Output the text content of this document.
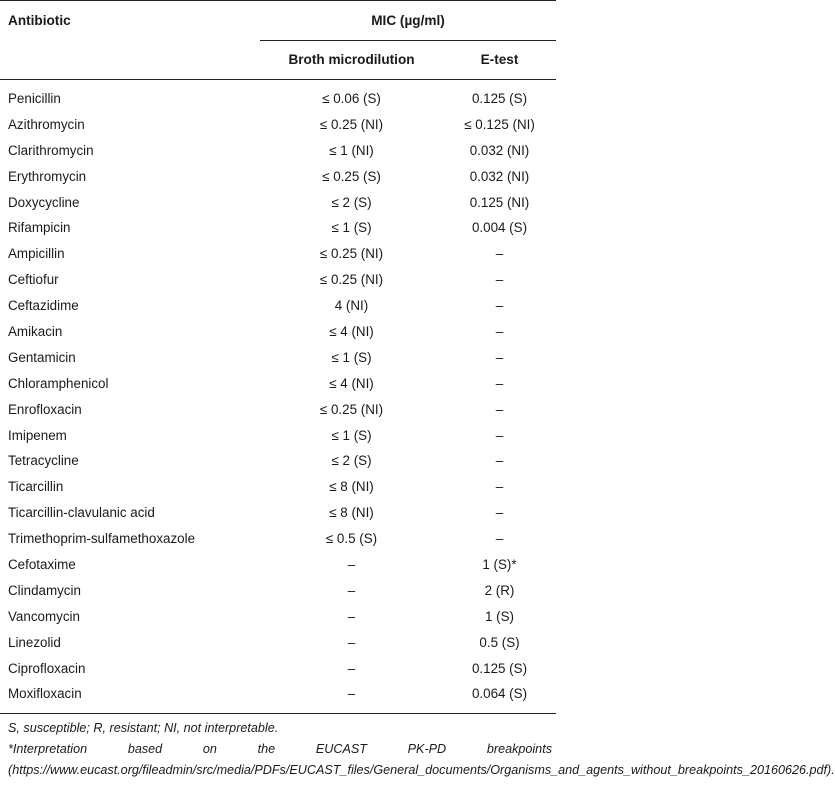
Antibiotic	MIC (µg/ml)		
	Broth microdilution	E-test	
Penicillin	≤ 0.06 (S)	0.125 (S)	
Azithromycin	≤ 0.25 (NI)	≤ 0.125 (NI)	
Clarithromycin	≤ 1 (NI)	0.032 (NI)	
Erythromycin	≤ 0.25 (S)	0.032 (NI)	
Doxycycline	≤ 2 (S)	0.125 (NI)	
Rifampicin	≤ 1 (S)	0.004 (S)	
Ampicillin	≤ 0.25 (NI)	–	
Ceftiofur	≤ 0.25 (NI)	–	
Ceftazidime	4 (NI)	–	
Amikacin	≤ 4 (NI)	–	
Gentamicin	≤ 1 (S)	–	
Chloramphenicol	≤ 4 (NI)	–	
Enrofloxacin	≤ 0.25 (NI)	–	
Imipenem	≤ 1 (S)	–	
Tetracycline	≤ 2 (S)	–	
Ticarcillin	≤ 8 (NI)	–	
Ticarcillin-clavulanic acid	≤ 8 (NI)	–	
Trimethoprim-sulfamethoxazole	≤ 0.5 (S)	–	
Cefotaxime	–	1 (S)*	
Clindamycin	–	2 (R)	
Vancomycin	–	1 (S)	
Linezolid	–	0.5 (S)	
Ciprofloxacin	–	0.125 (S)	
Moxifloxacin	–	0.064 (S)	

S, susceptible; R, resistant; NI, not interpretable.

*Interpretation based on the EUCAST PK-PD breakpoints (https://www.eucast.org/fileadmin/src/media/PDFs/EUCAST_files/General_documents/Organisms_and_agents_without_breakpoints_20160626.pdf).
